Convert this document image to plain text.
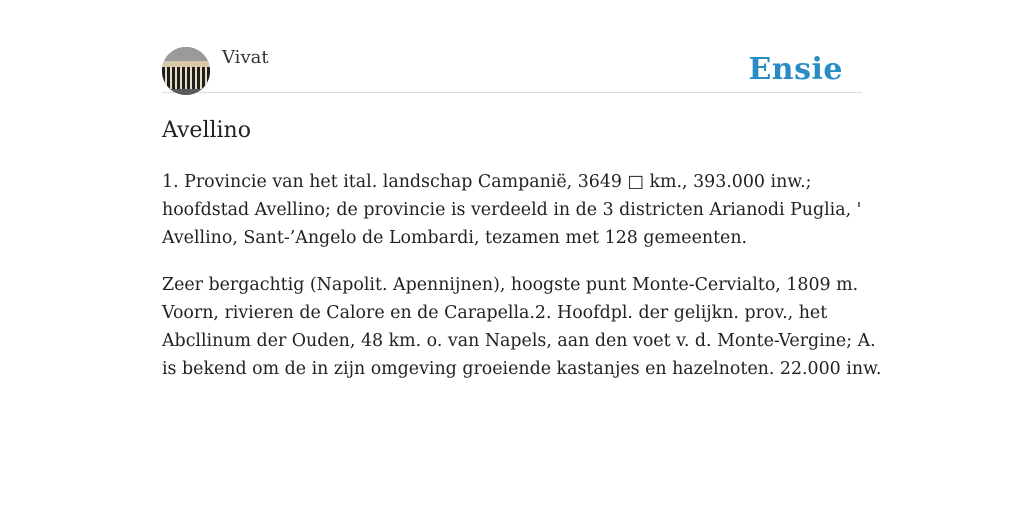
Vivat	Ensie
Avellino

1. Provincie van het ital. landschap Campanië, 3649 □ km., 393.000 inw.;
hoofdstad Avellino; de provincie is verdeeld in de 3 districten Arianodi Puglia, '
Avellino, Sant-’Angelo de Lombardi, tezamen met 128 gemeenten.

Zeer bergachtig (Napolit. Apennijnen), hoogste punt Monte-Cervialto, 1809 m.
Voorn, rivieren de Calore en de Carapella.2. Hoofdpl. der gelijkn. prov., het
Abcllinum der Ouden, 48 km. o. van Napels, aan den voet v. d. Monte-Vergine; A.
is bekend om de in zijn omgeving groeiende kastanjes en hazelnoten. 22.000 inw.
